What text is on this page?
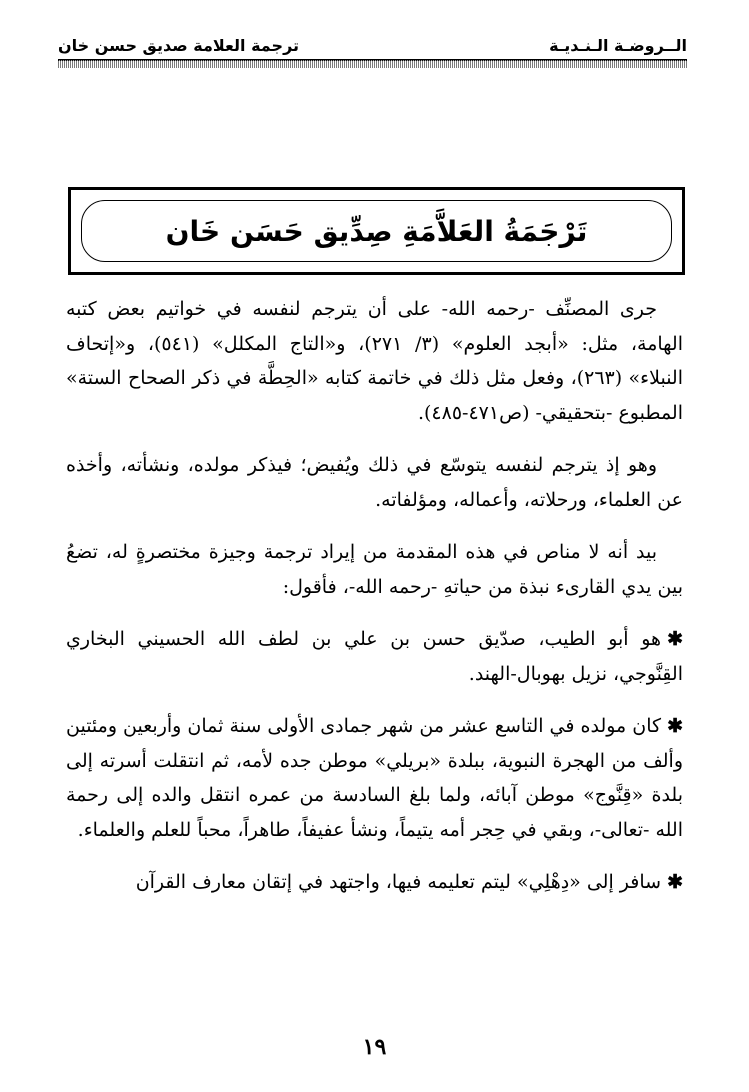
الــروضـة الـنـديـة
ترجمة العلامة صديق حسن خان
تَرْجَمَةُ العَلاَّمَةِ صِدِّيق حَسَن خَان

جرى المصنِّف -رحمه الله- على أن يترجم لنفسه في خواتيم بعض كتبه الهامة، مثل: «أبجد العلوم» (٣/ ٢٧١)، و«التاج المكلل» (٥٤١)، و«إتحاف النبلاء» (٢٦٣)، وفعل مثل ذلك في خاتمة كتابه «الحِطَّة في ذكر الصحاح الستة» المطبوع -بتحقيقي- (ص٤٧١-٤٨٥).

وهو إذ يترجم لنفسه يتوسّع في ذلك ويُفيض؛ فيذكر مولده، ونشأته، وأخذه عن العلماء، ورحلاته، وأعماله، ومؤلفاته.

بيد أنه لا مناص في هذه المقدمة من إيراد ترجمة وجيزة مختصرةٍ له، تضعُ بين يدي القارىء نبذة من حياتهِ -رحمه الله-، فأقول:

✱هو أبو الطيب، صدّيق حسن بن علي بن لطف الله الحسيني البخاري القِنَّوجي، نزيل بهوبال-الهند.

✱كان مولده في التاسع عشر من شهر جمادى الأولى سنة ثمان وأربعين ومئتين وألف من الهجرة النبوية، ببلدة «بريلي» موطن جده لأمه، ثم انتقلت أسرته إلى بلدة «قِنَّوج» موطن آبائه، ولما بلغ السادسة من عمره انتقل والده إلى رحمة الله -تعالى-، وبقي في حِجر أمه يتيماً، ونشأ عفيفاً، طاهراً، محباً للعلم والعلماء.

✱سافر إلى «دِهْلِي» ليتم تعليمه فيها، واجتهد في إتقان معارف القرآن

١٩
